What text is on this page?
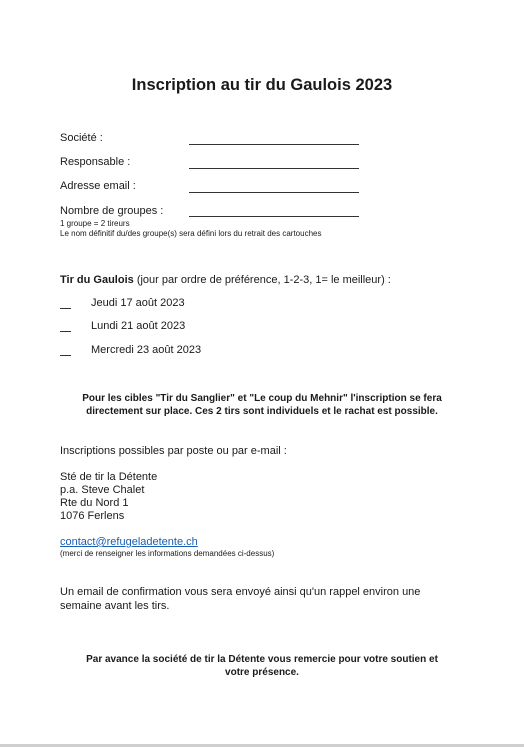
Inscription au tir du Gaulois 2023
Société :
Responsable :
Adresse email :
Nombre de groupes :
1 groupe = 2 tireurs
Le nom définitif du/des groupe(s) sera défini lors du retrait des cartouches
Tir du Gaulois (jour par ordre de préférence, 1-2-3, 1= le meilleur) :
Jeudi 17 août 2023
Lundi 21 août 2023
Mercredi 23 août 2023
Pour les cibles "Tir du Sanglier" et "Le coup du Mehnir" l'inscription se fera
directement sur place. Ces 2 tirs sont individuels et le rachat est possible.
Inscriptions possibles par poste ou par e-mail :
Sté de tir la Détente
p.a. Steve Chalet
Rte du Nord 1
1076 Ferlens
contact@refugeladetente.ch
(merci de renseigner les informations demandées ci-dessus)
Un email de confirmation vous sera envoyé ainsi qu'un rappel environ une
semaine avant les tirs.
Par avance la société de tir la Détente vous remercie pour votre soutien et
votre présence.
